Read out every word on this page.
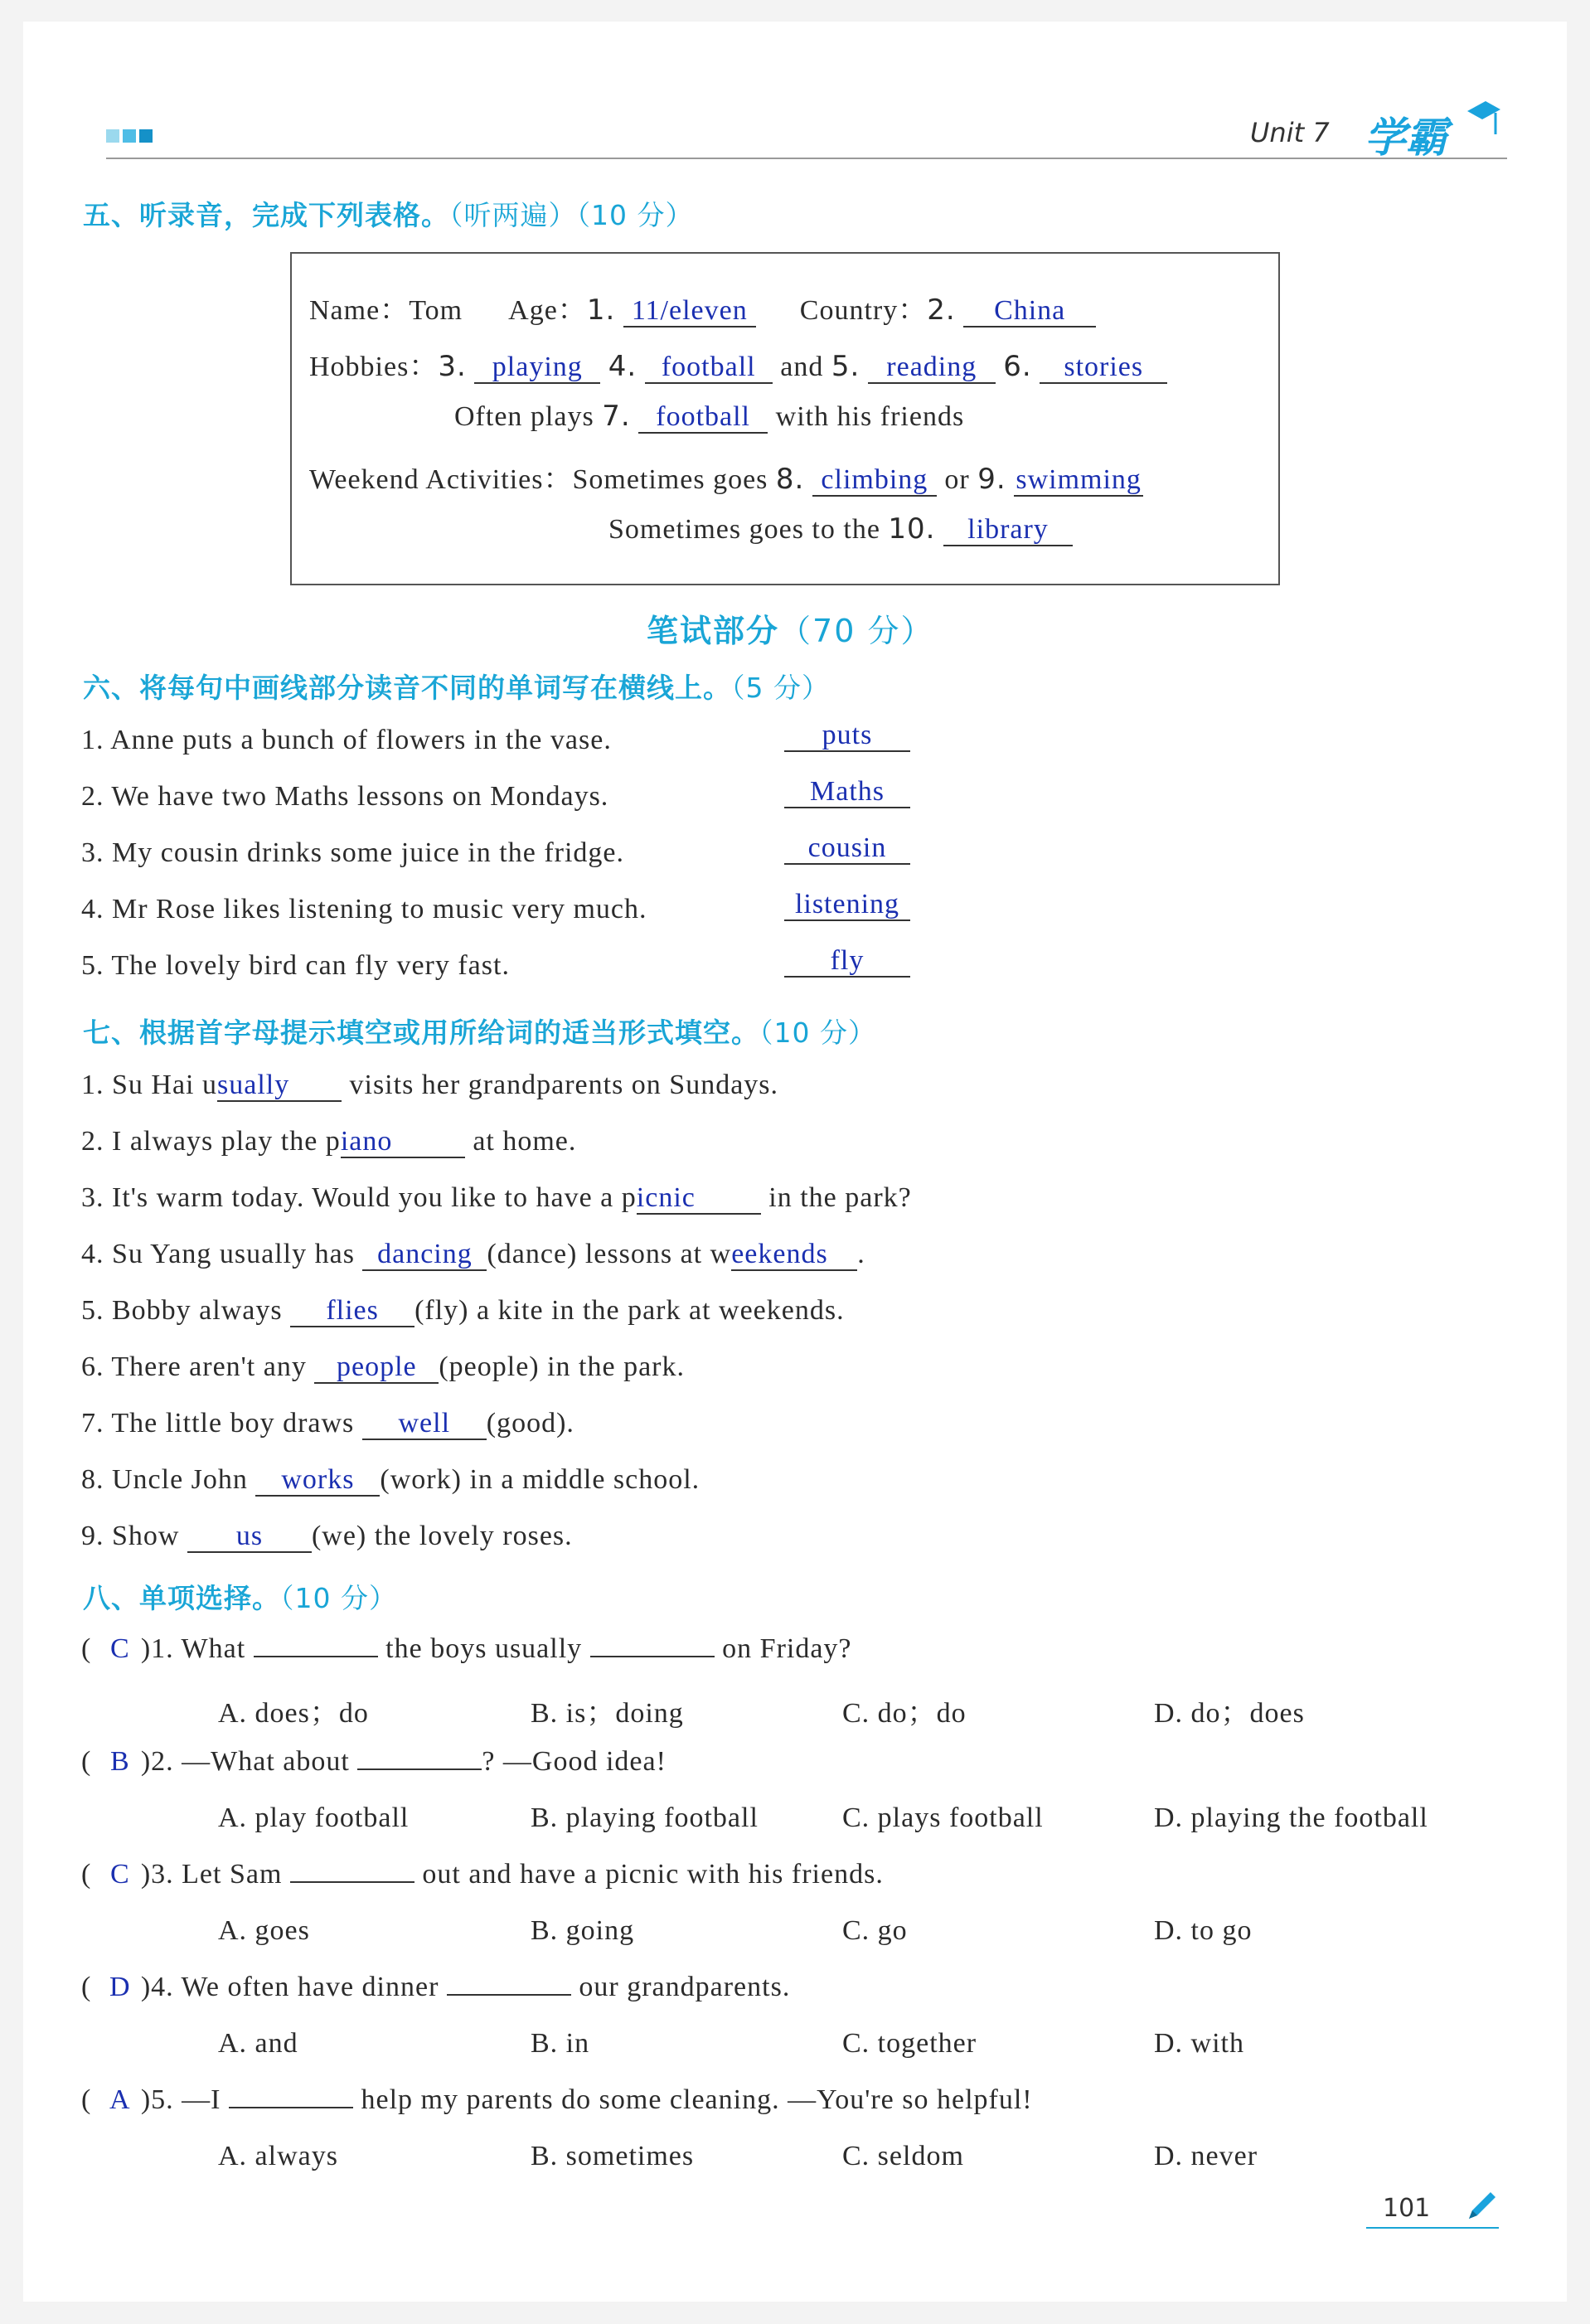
Unit 7 学霸
五、听录音，完成下列表格。（听两遍）（10 分）
Name：Tom Age：1. 11/eleven Country：2. China
Hobbies：3. playing 4. football and 5. reading 6. stories
Often plays 7. football with his friends
Weekend Activities：Sometimes goes 8. climbing or 9. swimming
Sometimes goes to the 10. library
笔试部分（70 分）
六、将每句中画线部分读音不同的单词写在横线上。（5 分）
1. Anne puts a bunch of flowers in the vase.	puts
2. We have two Maths lessons on Mondays.	Maths
3. My cousin drinks some juice in the fridge.	cousin
4. Mr Rose likes listening to music very much.	listening
5. The lovely bird can fly very fast.	fly
七、根据首字母提示填空或用所给词的适当形式填空。（10 分）
1. Su Hai usually visits her grandparents on Sundays.
2. I always play the piano	at home.
3. It's warm today. Would you like to have a picnic	in the park?
4. Su Yang usually has dancing (dance) lessons at weekends .
5. Bobby always flies (fly) a kite in the park at weekends.
6. There aren't any people (people) in the park.
7. The little boy draws well (good).
8. Uncle John works (work) in a middle school.
9. Show us (we) the lovely roses.
八、单项选择。（10 分）
( C )1. What	the boys usually	on Friday?
A. does；do	B. is；doing	C. do；do	D. do；does
( B )2. —What about	? —Good idea!
A. play football	B. playing football	C. plays football	D. playing the football
( C )3. Let Sam	out and have a picnic with his friends.
A. goes	B. going	C. go	D. to go
( D )4. We often have dinner	our grandparents.
A. and	B. in	C. together	D. with
( A )5. —I	help my parents do some cleaning. —You're so helpful!
A. always	B. sometimes	C. seldom	D. never
101
